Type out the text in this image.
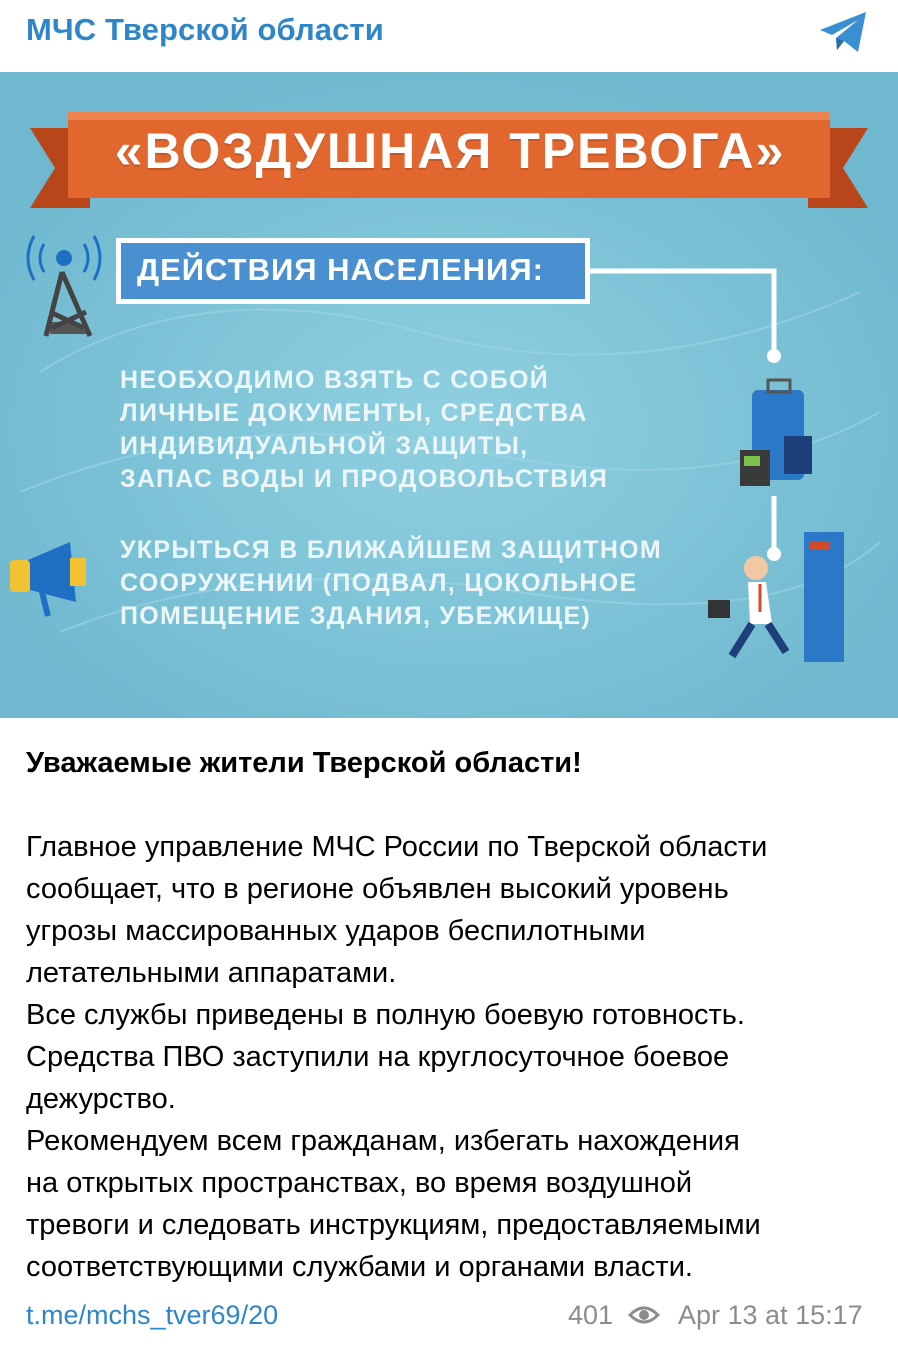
МЧС Тверской области
«ВОЗДУШНАЯ ТРЕВОГА»
ДЕЙСТВИЯ НАСЕЛЕНИЯ:
НЕОБХОДИМО ВЗЯТЬ С СОБОЙ
ЛИЧНЫЕ ДОКУМЕНТЫ, СРЕДСТВА
ИНДИВИДУАЛЬНОЙ ЗАЩИТЫ,
ЗАПАС ВОДЫ И ПРОДОВОЛЬСТВИЯ
УКРЫТЬСЯ В БЛИЖАЙШЕМ ЗАЩИТНОМ
СООРУЖЕНИИ (ПОДВАЛ, ЦОКОЛЬНОЕ
ПОМЕЩЕНИЕ ЗДАНИЯ, УБЕЖИЩЕ)
Уважаемые жители Тверской области!
Главное управление МЧС России по Тверской области
сообщает, что в регионе объявлен высокий уровень
угрозы массированных ударов беспилотными
летательными аппаратами.
Все службы приведены в полную боевую готовность.
Средства ПВО заступили на круглосуточное боевое
дежурство.
Рекомендуем всем гражданам, избегать нахождения
на открытых пространствах, во время воздушной
тревоги и следовать инструкциям, предоставляемыми
соответствующими службами и органами власти.
t.me/mchs_tver69/20	401 Apr 13 at 15:17
